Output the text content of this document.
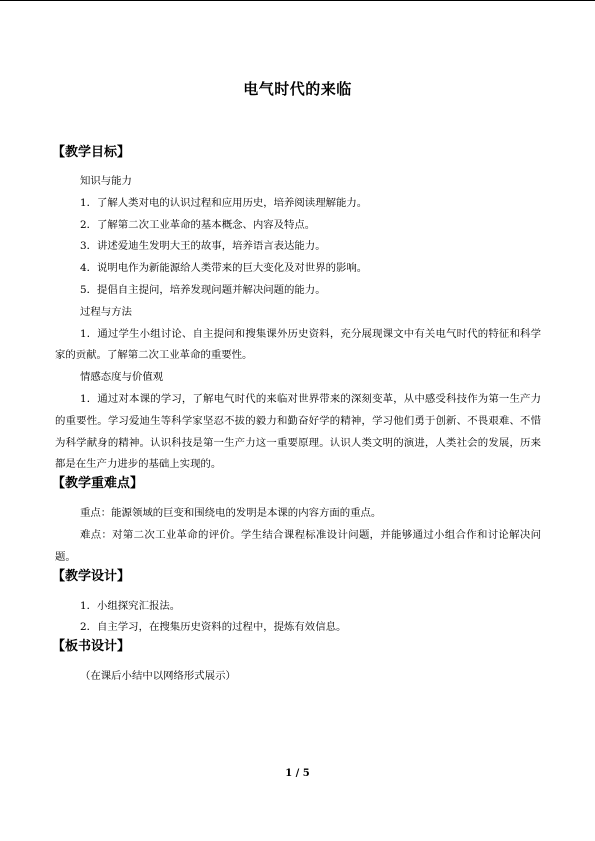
电气时代的来临
【教学目标】
知识与能力
1．了解人类对电的认识过程和应用历史，培养阅读理解能力。
2．了解第二次工业革命的基本概念、内容及特点。
3．讲述爱迪生发明大王的故事，培养语言表达能力。
4．说明电作为新能源给人类带来的巨大变化及对世界的影响。
5．提倡自主提问，培养发现问题并解决问题的能力。
过程与方法

1．通过学生小组讨论、自主提问和搜集课外历史资料，充分展现课文中有关电气时代的特征和科学家的贡献。了解第二次工业革命的重要性。

情感态度与价值观

1．通过对本课的学习，了解电气时代的来临对世界带来的深刻变革，从中感受科技作为第一生产力的重要性。学习爱迪生等科学家坚忍不拔的毅力和勤奋好学的精神，学习他们勇于创新、不畏艰难、不惜为科学献身的精神。认识科技是第一生产力这一重要原理。认识人类文明的演进，人类社会的发展，历来都是在生产力进步的基础上实现的。

【教学重难点】

重点：能源领域的巨变和围绕电的发明是本课的内容方面的重点。

难点：对第二次工业革命的评价。学生结合课程标准设计问题，并能够通过小组合作和讨论解决问题。

【教学设计】
1．小组探究汇报法。
2．自主学习，在搜集历史资料的过程中，提炼有效信息。
【板书设计】
（在课后小结中以网络形式展示）
1 / 5
